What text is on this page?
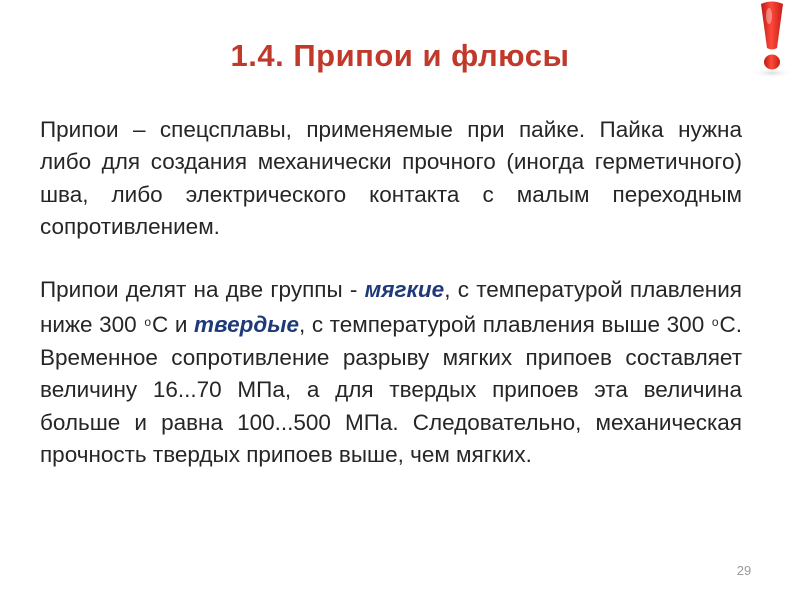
1.4. Припои и флюсы
Припои – спецсплавы, применяемые при пайке. Пайка нужна либо для создания механически прочного (иногда герметичного) шва, либо электрического контакта с малым переходным сопротивлением.
Припои делят на две группы - мягкие, с температурой плавления ниже 300 $^о$С и твердые, с температурой плавления выше 300 $^о$С. Временное сопротивление разрыву мягких припоев составляет величину 16...70 МПа, а для твердых припоев эта величина больше и равна 100...500 МПа. Следовательно, механическая прочность твердых припоев выше, чем мягких.
29
